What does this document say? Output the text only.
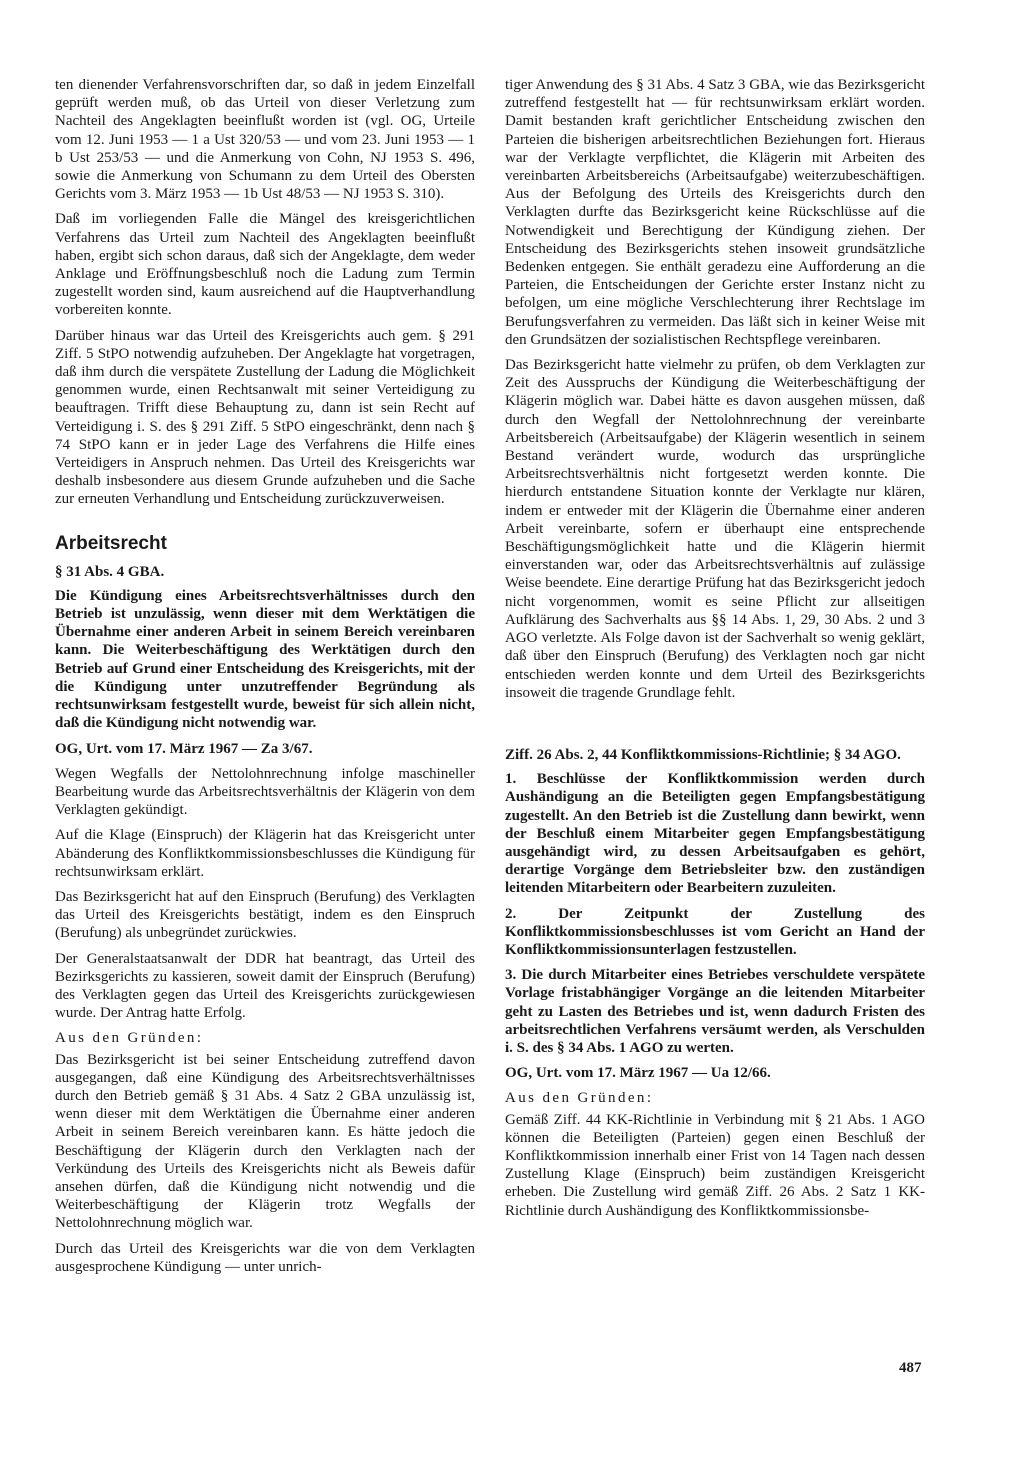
ten dienender Verfahrensvorschriften dar, so daß in jedem Einzelfall geprüft werden muß, ob das Urteil von dieser Verletzung zum Nachteil des Angeklagten beeinflußt worden ist (vgl. OG, Urteile vom 12. Juni 1953 — 1 a Ust 320/53 — und vom 23. Juni 1953 — 1 b Ust 253/53 — und die Anmerkung von Cohn, NJ 1953 S. 496, sowie die Anmerkung von Schumann zu dem Urteil des Obersten Gerichts vom 3. März 1953 — 1b Ust 48/53 — NJ 1953 S. 310).

Daß im vorliegenden Falle die Mängel des kreisgerichtlichen Verfahrens das Urteil zum Nachteil des Angeklagten beeinflußt haben, ergibt sich schon daraus, daß sich der Angeklagte, dem weder Anklage und Eröffnungsbeschluß noch die Ladung zum Termin zugestellt worden sind, kaum ausreichend auf die Hauptverhandlung vorbereiten konnte.

Darüber hinaus war das Urteil des Kreisgerichts auch gem. § 291 Ziff. 5 StPO notwendig aufzuheben. Der Angeklagte hat vorgetragen, daß ihm durch die verspätete Zustellung der Ladung die Möglichkeit genommen wurde, einen Rechtsanwalt mit seiner Verteidigung zu beauftragen. Trifft diese Behauptung zu, dann ist sein Recht auf Verteidigung i. S. des § 291 Ziff. 5 StPO eingeschränkt, denn nach § 74 StPO kann er in jeder Lage des Verfahrens die Hilfe eines Verteidigers in Anspruch nehmen. Das Urteil des Kreisgerichts war deshalb insbesondere aus diesem Grunde aufzuheben und die Sache zur erneuten Verhandlung und Entscheidung zurückzuverweisen.

Arbeitsrecht

§ 31 Abs. 4 GBA.

Die Kündigung eines Arbeitsrechtsverhältnisses durch den Betrieb ist unzulässig, wenn dieser mit dem Werktätigen die Übernahme einer anderen Arbeit in seinem Bereich vereinbaren kann. Die Weiterbeschäftigung des Werktätigen durch den Betrieb auf Grund einer Entscheidung des Kreisgerichts, mit der die Kündigung unter unzutreffender Begründung als rechtsunwirksam festgestellt wurde, beweist für sich allein nicht, daß die Kündigung nicht notwendig war.

OG, Urt. vom 17. März 1967 — Za 3/67.

Wegen Wegfalls der Nettolohnrechnung infolge maschineller Bearbeitung wurde das Arbeitsrechtsverhältnis der Klägerin von dem Verklagten gekündigt.

Auf die Klage (Einspruch) der Klägerin hat das Kreisgericht unter Abänderung des Konfliktkommissionsbeschlusses die Kündigung für rechtsunwirksam erklärt.

Das Bezirksgericht hat auf den Einspruch (Berufung) des Verklagten das Urteil des Kreisgerichts bestätigt, indem es den Einspruch (Berufung) als unbegründet zurückwies.

Der Generalstaatsanwalt der DDR hat beantragt, das Urteil des Bezirksgerichts zu kassieren, soweit damit der Einspruch (Berufung) des Verklagten gegen das Urteil des Kreisgerichts zurückgewiesen wurde. Der Antrag hatte Erfolg.

Aus den Gründen:

Das Bezirksgericht ist bei seiner Entscheidung zutreffend davon ausgegangen, daß eine Kündigung des Arbeitsrechtsverhältnisses durch den Betrieb gemäß § 31 Abs. 4 Satz 2 GBA unzulässig ist, wenn dieser mit dem Werktätigen die Übernahme einer anderen Arbeit in seinem Bereich vereinbaren kann. Es hätte jedoch die Beschäftigung der Klägerin durch den Verklagten nach der Verkündung des Urteils des Kreisgerichts nicht als Beweis dafür ansehen dürfen, daß die Kündigung nicht notwendig und die Weiterbeschäftigung der Klägerin trotz Wegfalls der Nettolohnrechnung möglich war.

Durch das Urteil des Kreisgerichts war die von dem Verklagten ausgesprochene Kündigung — unter unrich-

tiger Anwendung des § 31 Abs. 4 Satz 3 GBA, wie das Bezirksgericht zutreffend festgestellt hat — für rechtsunwirksam erklärt worden. Damit bestanden kraft gerichtlicher Entscheidung zwischen den Parteien die bisherigen arbeitsrechtlichen Beziehungen fort. Hieraus war der Verklagte verpflichtet, die Klägerin mit Arbeiten des vereinbarten Arbeitsbereichs (Arbeitsaufgabe) weiterzubeschäftigen. Aus der Befolgung des Urteils des Kreisgerichts durch den Verklagten durfte das Bezirksgericht keine Rückschlüsse auf die Notwendigkeit und Berechtigung der Kündigung ziehen. Der Entscheidung des Bezirksgerichts stehen insoweit grundsätzliche Bedenken entgegen. Sie enthält geradezu eine Aufforderung an die Parteien, die Entscheidungen der Gerichte erster Instanz nicht zu befolgen, um eine mögliche Verschlechterung ihrer Rechtslage im Berufungsverfahren zu vermeiden. Das läßt sich in keiner Weise mit den Grundsätzen der sozialistischen Rechtspflege vereinbaren.

Das Bezirksgericht hatte vielmehr zu prüfen, ob dem Verklagten zur Zeit des Ausspruchs der Kündigung die Weiterbeschäftigung der Klägerin möglich war. Dabei hätte es davon ausgehen müssen, daß durch den Wegfall der Nettolohnrechnung der vereinbarte Arbeitsbereich (Arbeitsaufgabe) der Klägerin wesentlich in seinem Bestand verändert wurde, wodurch das ursprüngliche Arbeitsrechtsverhältnis nicht fortgesetzt werden konnte. Die hierdurch entstandene Situation konnte der Verklagte nur klären, indem er entweder mit der Klägerin die Übernahme einer anderen Arbeit vereinbarte, sofern er überhaupt eine entsprechende Beschäftigungsmöglichkeit hatte und die Klägerin hiermit einverstanden war, oder das Arbeitsrechtsverhältnis auf zulässige Weise beendete. Eine derartige Prüfung hat das Bezirksgericht jedoch nicht vorgenommen, womit es seine Pflicht zur allseitigen Aufklärung des Sachverhalts aus §§ 14 Abs. 1, 29, 30 Abs. 2 und 3 AGO verletzte. Als Folge davon ist der Sachverhalt so wenig geklärt, daß über den Einspruch (Berufung) des Verklagten noch gar nicht entschieden werden konnte und dem Urteil des Bezirksgerichts insoweit die tragende Grundlage fehlt.

Ziff. 26 Abs. 2, 44 Konfliktkommissions-Richtlinie; § 34 AGO.

1. Beschlüsse der Konfliktkommission werden durch Aushändigung an die Beteiligten gegen Empfangsbestätigung zugestellt. An den Betrieb ist die Zustellung dann bewirkt, wenn der Beschluß einem Mitarbeiter gegen Empfangsbestätigung ausgehändigt wird, zu dessen Arbeitsaufgaben es gehört, derartige Vorgänge dem Betriebsleiter bzw. den zuständigen leitenden Mitarbeitern oder Bearbeitern zuzuleiten.

2. Der Zeitpunkt der Zustellung des Konfliktkommissionsbeschlusses ist vom Gericht an Hand der Konfliktkommissionsunterlagen festzustellen.

3. Die durch Mitarbeiter eines Betriebes verschuldete verspätete Vorlage fristabhängiger Vorgänge an die leitenden Mitarbeiter geht zu Lasten des Betriebes und ist, wenn dadurch Fristen des arbeitsrechtlichen Verfahrens versäumt werden, als Verschulden i. S. des § 34 Abs. 1 AGO zu werten.

OG, Urt. vom 17. März 1967 — Ua 12/66.

Aus den Gründen:

Gemäß Ziff. 44 KK-Richtlinie in Verbindung mit § 21 Abs. 1 AGO können die Beteiligten (Parteien) gegen einen Beschluß der Konfliktkommission innerhalb einer Frist von 14 Tagen nach dessen Zustellung Klage (Einspruch) beim zuständigen Kreisgericht erheben. Die Zustellung wird gemäß Ziff. 26 Abs. 2 Satz 1 KK-Richtlinie durch Aushändigung des Konfliktkommissionsbe-

487
